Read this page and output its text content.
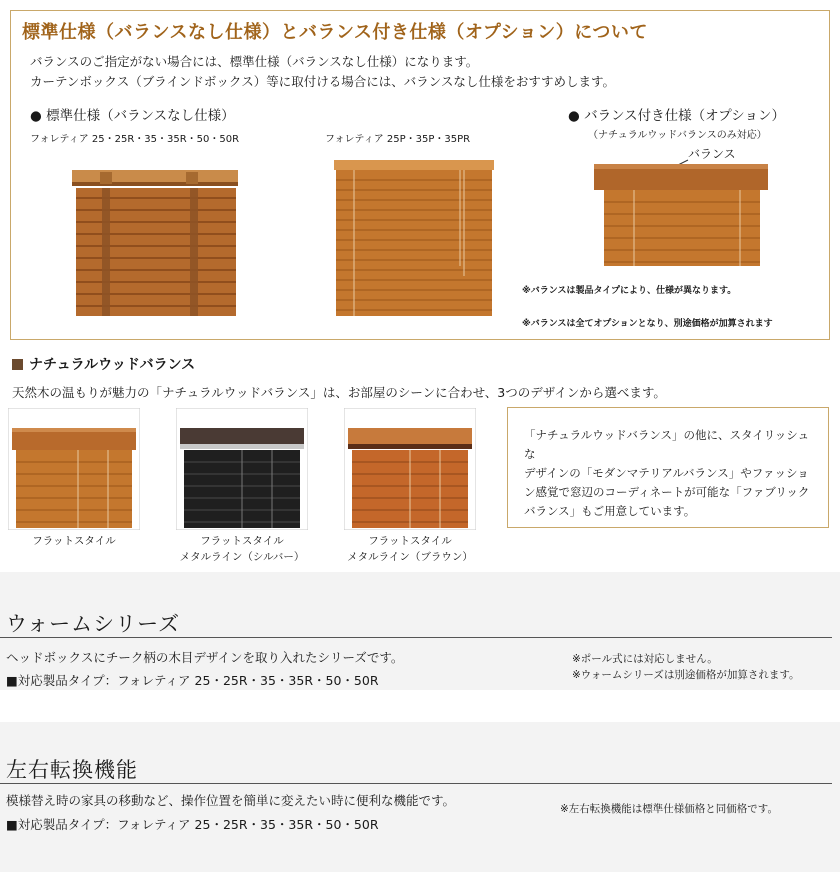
標準仕様（バランスなし仕様）とバランス付き仕様（オプション）について
バランスのご指定がない場合には、標準仕様（バランスなし仕様）になります。
カーテンボックス（ブラインドボックス）等に取付ける場合には、バランスなし仕様をおすすめします。
● 標準仕様（バランスなし仕様）
フォレティア 25・25R・35・35R・50・50R	フォレティア 25P・35P・35PR
● バランス付き仕様（オプション）
（ナチュラルウッドバランスのみ対応）
バランス
※バランスは製品タイプにより、仕様が異なります。
※バランスは全てオプションとなり、別途価格が加算されます
ナチュラルウッドバランス
天然木の温もりが魅力の「ナチュラルウッドバランス」は、お部屋のシーンに合わせ、3つのデザインから選べます。
フラットスタイル	フラットスタイル
メタルライン（シルバー）
フラットスタイル
メタルライン（ブラウン）
「ナチュラルウッドバランス」の他に、スタイリッシュな
デザインの「モダンマテリアルバランス」やファッショ
ン感覚で窓辺のコーディネートが可能な「ファブリック
バランス」もご用意しています。
ウォームシリーズ
ヘッドボックスにチーク柄の木目デザインを取り入れたシリーズです。
■対応製品タイプ：フォレティア 25・25R・35・35R・50・50R
※ポール式には対応しません。
※ウォームシリーズは別途価格が加算されます。
左右転換機能
模様替え時の家具の移動など、操作位置を簡単に変えたい時に便利な機能です。
■対応製品タイプ：フォレティア 25・25R・35・35R・50・50R
※左右転換機能は標準仕様価格と同価格です。
